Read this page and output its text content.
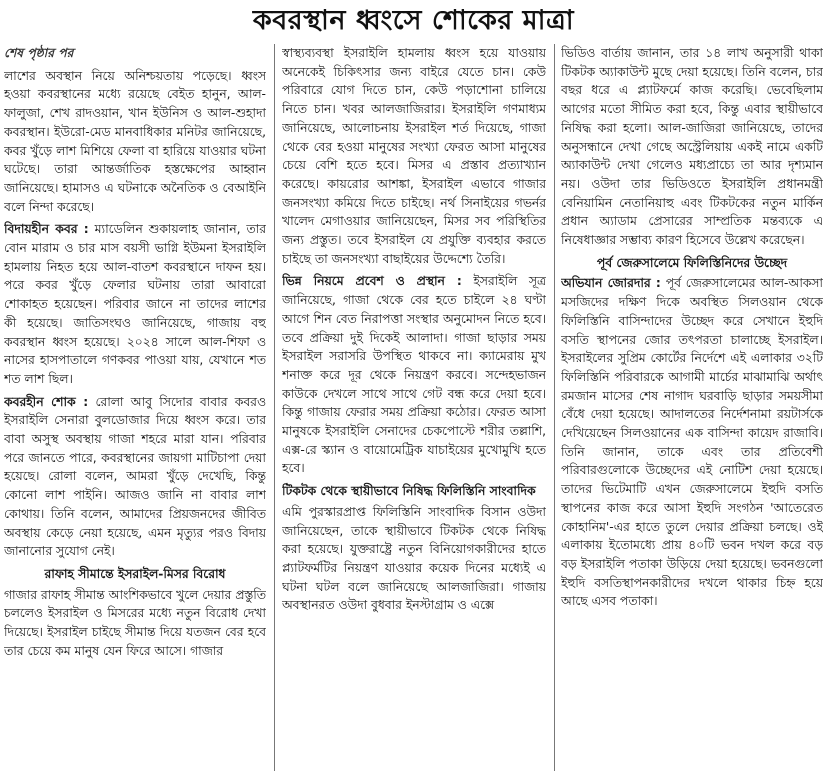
কবরস্থান ধ্বংসে শোকের মাত্রা

শেষ পৃষ্ঠার পর

লাশের অবস্থান নিয়ে অনিশ্চয়তায় পড়েছে। ধ্বংস হওয়া কবরস্থানের মধ্যে রয়েছে বেইত হানুন, আল-ফালুজা, শেখ রাদওয়ান, খান ইউনিস ও আল-শুহাদা কবরস্থান। ইউরো-মেড মানবাধিকার মনিটর জানিয়েছে, কবর খুঁড়ে লাশ মিশিয়ে ফেলা বা হারিয়ে যাওয়ার ঘটনা ঘটেছে। তারা আন্তর্জাতিক হস্তক্ষেপের আহ্বান জানিয়েছে। হামাসও এ ঘটনাকে অনৈতিক ও বেআইনি বলে নিন্দা করেছে।

বিদায়হীন কবর : ম্যাডেলিন শুকায়লাহ জানান, তার বোন মারাম ও চার মাস বয়সী ভাগ্নি ইউমনা ইসরাইলি হামলায় নিহত হয়ে আল-বাতশ কবরস্থানে দাফন হয়। পরে কবর খুঁড়ে ফেলার ঘটনায় তারা আবারো শোকাহত হয়েছেন। পরিবার জানে না তাদের লাশের কী হয়েছে। জাতিসংঘও জানিয়েছে, গাজায় বহু কবরস্থান ধ্বংস হয়েছে। ২০২৪ সালে আল-শিফা ও নাসের হাসপাতালে গণকবর পাওয়া যায়, যেখানে শত শত লাশ ছিল।

কবরহীন শোক : রোলা আবু সিদোর বাবার কবরও ইসরাইলি সেনারা বুলডোজার দিয়ে ধ্বংস করে। তার বাবা অসুস্থ অবস্থায় গাজা শহরে মারা যান। পরিবার পরে জানতে পারে, কবরস্থানের জায়গা মাটিচাপা দেয়া হয়েছে। রোলা বলেন, আমরা খুঁড়ে দেখেছি, কিন্তু কোনো লাশ পাইনি। আজও জানি না বাবার লাশ কোথায়। তিনি বলেন, আমাদের প্রিয়জনদের জীবিত অবস্থায় কেড়ে নেয়া হয়েছে, এমন মৃত্যুর পরও বিদায় জানানোর সুযোগ নেই।

রাফাহ সীমান্তে ইসরাইল-মিসর বিরোধ

গাজার রাফাহ সীমান্ত আংশিকভাবে খুলে দেয়ার প্রস্তুতি চললেও ইসরাইল ও মিসরের মধ্যে নতুন বিরোধ দেখা দিয়েছে। ইসরাইল চাইছে সীমান্ত দিয়ে যতজন বের হবে তার চেয়ে কম মানুষ যেন ফিরে আসে। গাজার

স্বাস্থ্যব্যবস্থা ইসরাইলি হামলায় ধ্বংস হয়ে যাওয়ায় অনেকেই চিকিৎসার জন্য বাইরে যেতে চান। কেউ পরিবারে যোগ দিতে চান, কেউ পড়াশোনা চালিয়ে নিতে চান। খবর আলজাজিরার। ইসরাইলি গণমাধ্যম জানিয়েছে, আলোচনায় ইসরাইল শর্ত দিয়েছে, গাজা থেকে বের হওয়া মানুষের সংখ্যা ফেরত আসা মানুষের চেয়ে বেশি হতে হবে। মিসর এ প্রস্তাব প্রত্যাখ্যান করেছে। কায়রোর আশঙ্কা, ইসরাইল এভাবে গাজার জনসংখ্যা কমিয়ে দিতে চাইছে। নর্থ সিনাইয়ের গভর্নর খালেদ মেগাওয়ার জানিয়েছেন, মিসর সব পরিস্থিতির জন্য প্রস্তুত। তবে ইসরাইল যে প্রযুক্তি ব্যবহার করতে চাইছে তা জনসংখ্যা বাছাইয়ের উদ্দেশ্যে তৈরি।

ভিন্ন নিয়মে প্রবেশ ও প্রস্থান : ইসরাইলি সূত্র জানিয়েছে, গাজা থেকে বের হতে চাইলে ২৪ ঘণ্টা আগে শিন বেত নিরাপত্তা সংস্থার অনুমোদন নিতে হবে। তবে প্রক্রিয়া দুই দিকেই আলাদা। গাজা ছাড়ার সময় ইসরাইল সরাসরি উপস্থিত থাকবে না। ক্যামেরায় মুখ শনাক্ত করে দূর থেকে নিয়ন্ত্রণ করবে। সন্দেহভাজন কাউকে দেখলে সাথে সাথে গেট বন্ধ করে দেয়া হবে। কিন্তু গাজায় ফেরার সময় প্রক্রিয়া কঠোর। ফেরত আসা মানুষকে ইসরাইলি সেনাদের চেকপোস্টে শরীর তল্লাশি, এক্স-রে স্ক্যান ও বায়োমেট্রিক যাচাইয়ের মুখোমুখি হতে হবে।

টিকটক থেকে স্থায়ীভাবে নিষিদ্ধ ফিলিস্তিনি সাংবাদিক

এমি পুরস্কারপ্রাপ্ত ফিলিস্তিনি সাংবাদিক বিসান ওউদা জানিয়েছেন, তাকে স্থায়ীভাবে টিকটক থেকে নিষিদ্ধ করা হয়েছে। যুক্তরাষ্ট্রে নতুন বিনিয়োগকারীদের হাতে প্ল্যাটফর্মটির নিয়ন্ত্রণ যাওয়ার কয়েক দিনের মধ্যেই এ ঘটনা ঘটল বলে জানিয়েছে আলজাজিরা। গাজায় অবস্থানরত ওউদা বুধবার ইনস্টাগ্রাম ও এক্সে

ভিডিও বার্তায় জানান, তার ১৪ লাখ অনুসারী থাকা টিকটক অ্যাকাউন্ট মুছে দেয়া হয়েছে। তিনি বলেন, চার বছর ধরে এ প্ল্যাটফর্মে কাজ করেছি। ভেবেছিলাম আগের মতো সীমিত করা হবে, কিন্তু এবার স্থায়ীভাবে নিষিদ্ধ করা হলো। আল-জাজিরা জানিয়েছে, তাদের অনুসন্ধানে দেখা গেছে অস্ট্রেলিয়ায় একই নামে একটি অ্যাকাউন্ট দেখা গেলেও মধ্যপ্রাচ্যে তা আর দৃশ্যমান নয়। ওউদা তার ভিডিওতে ইসরাইলি প্রধানমন্ত্রী বেনিয়ামিন নেতানিয়াহু এবং টিকটকের নতুন মার্কিন প্রধান অ্যাডাম প্রেসারের সাম্প্রতিক মন্তব্যকে এ নিষেধাজ্ঞার সম্ভাব্য কারণ হিসেবে উল্লেখ করেছেন।

পূর্ব জেরুসালেমে ফিলিস্তিনিদের উচ্ছেদ

অভিযান জোরদার : পূর্ব জেরুসালেমের আল-আকসা মসজিদের দক্ষিণ দিকে অবস্থিত সিলওয়ান থেকে ফিলিস্তিনি বাসিন্দাদের উচ্ছেদ করে সেখানে ইহুদি বসতি স্থাপনের জোর তৎপরতা চালাচ্ছে ইসরাইল। ইসরাইলের সুপ্রিম কোর্টের নির্দেশে এই এলাকার ৩২টি ফিলিস্তিনি পরিবারকে আগামী মার্চের মাঝামাঝি অর্থাৎ রমজান মাসের শেষ নাগাদ ঘরবাড়ি ছাড়ার সময়সীমা বেঁধে দেয়া হয়েছে। আদালতের নির্দেশনামা রয়টার্সকে দেখিয়েছেন সিলওয়ানের এক বাসিন্দা কায়েদ রাজাবি। তিনি জানান, তাকে এবং তার প্রতিবেশী পরিবারগুলোকে উচ্ছেদের এই নোটিশ দেয়া হয়েছে। তাদের ভিটেমাটি এখন জেরুসালেমে ইহুদি বসতি স্থাপনের কাজ করে আসা ইহুদি সংগঠন 'আতেরেত কোহানিম'-এর হাতে তুলে দেয়ার প্রক্রিয়া চলছে। ওই এলাকায় ইতোমধ্যে প্রায় ৪০টি ভবন দখল করে বড় বড় ইসরাইলি পতাকা উড়িয়ে দেয়া হয়েছে। ভবনগুলো ইহুদি বসতিস্থাপনকারীদের দখলে থাকার চিহ্ন হয়ে আছে এসব পতাকা।
